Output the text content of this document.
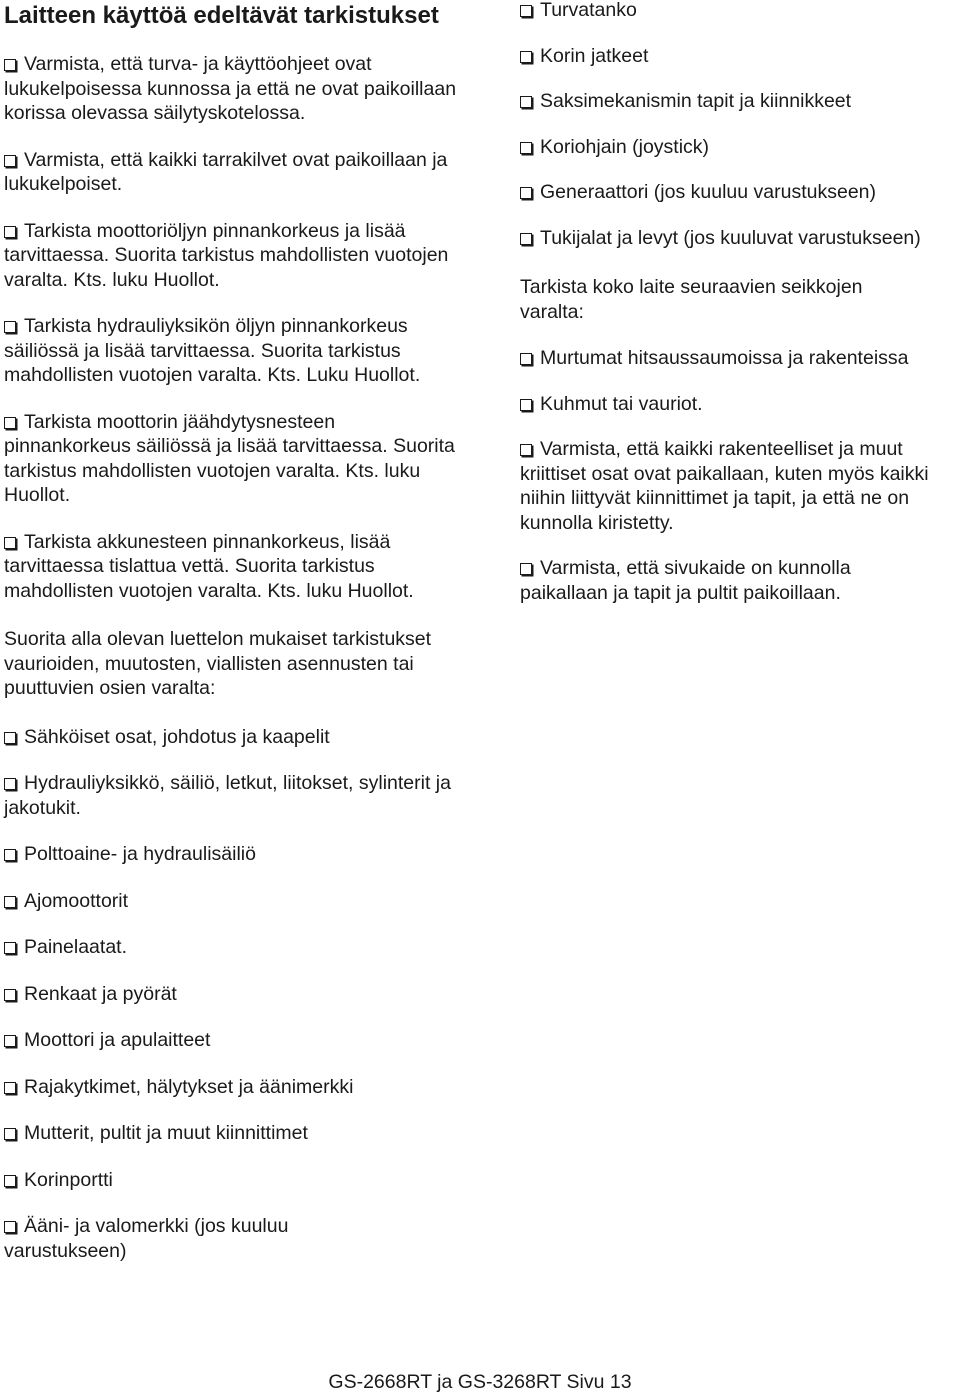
Laitteen käyttöä edeltävät tarkistukset

Varmista, että turva- ja käyttöohjeet ovat lukukelpoisessa kunnossa ja että ne ovat paikoillaan korissa olevassa säilytyskotelossa.

Varmista, että kaikki tarrakilvet ovat paikoillaan ja lukukelpoiset.

Tarkista moottoriöljyn pinnankorkeus ja lisää tarvittaessa. Suorita tarkistus mahdollisten vuotojen varalta. Kts. luku Huollot.

Tarkista hydrauliyksikön öljyn pinnankorkeus säiliössä ja lisää tarvittaessa. Suorita tarkistus mahdollisten vuotojen varalta. Kts. Luku Huollot.

Tarkista moottorin jäähdytysnesteen pinnankorkeus säiliössä ja lisää tarvittaessa. Suorita tarkistus mahdollisten vuotojen varalta. Kts. luku Huollot.

Tarkista akkunesteen pinnankorkeus, lisää tarvittaessa tislattua vettä. Suorita tarkistus mahdollisten vuotojen varalta. Kts. luku Huollot.

Suorita alla olevan luettelon mukaiset tarkistukset vaurioiden, muutosten, viallisten asennusten tai puuttuvien osien varalta:

Sähköiset osat, johdotus ja kaapelit

Hydrauliyksikkö, säiliö, letkut, liitokset, sylinterit ja jakotukit.

Polttoaine- ja hydraulisäiliö

Ajomoottorit

Painelaatat.

Renkaat ja pyörät

Moottori ja apulaitteet

Rajakytkimet, hälytykset ja äänimerkki

Mutterit, pultit ja muut kiinnittimet

Korinportti

Ääni- ja valomerkki (jos kuuluu varustukseen)

Turvatanko

Korin jatkeet

Saksimekanismin tapit ja kiinnikkeet

Koriohjain (joystick)

Generaattori (jos kuuluu varustukseen)

Tukijalat ja levyt (jos kuuluvat varustukseen)

Tarkista koko laite seuraavien seikkojen varalta:

Murtumat hitsaussaumoissa ja rakenteissa

Kuhmut tai vauriot.

Varmista, että kaikki rakenteelliset ja muut kriittiset osat ovat paikallaan, kuten myös kaikki niihin liittyvät kiinnittimet ja tapit, ja että ne on kunnolla kiristetty.

Varmista, että sivukaide on kunnolla paikallaan ja tapit ja pultit paikoillaan.

GS-2668RT ja GS-3268RT Sivu 13
